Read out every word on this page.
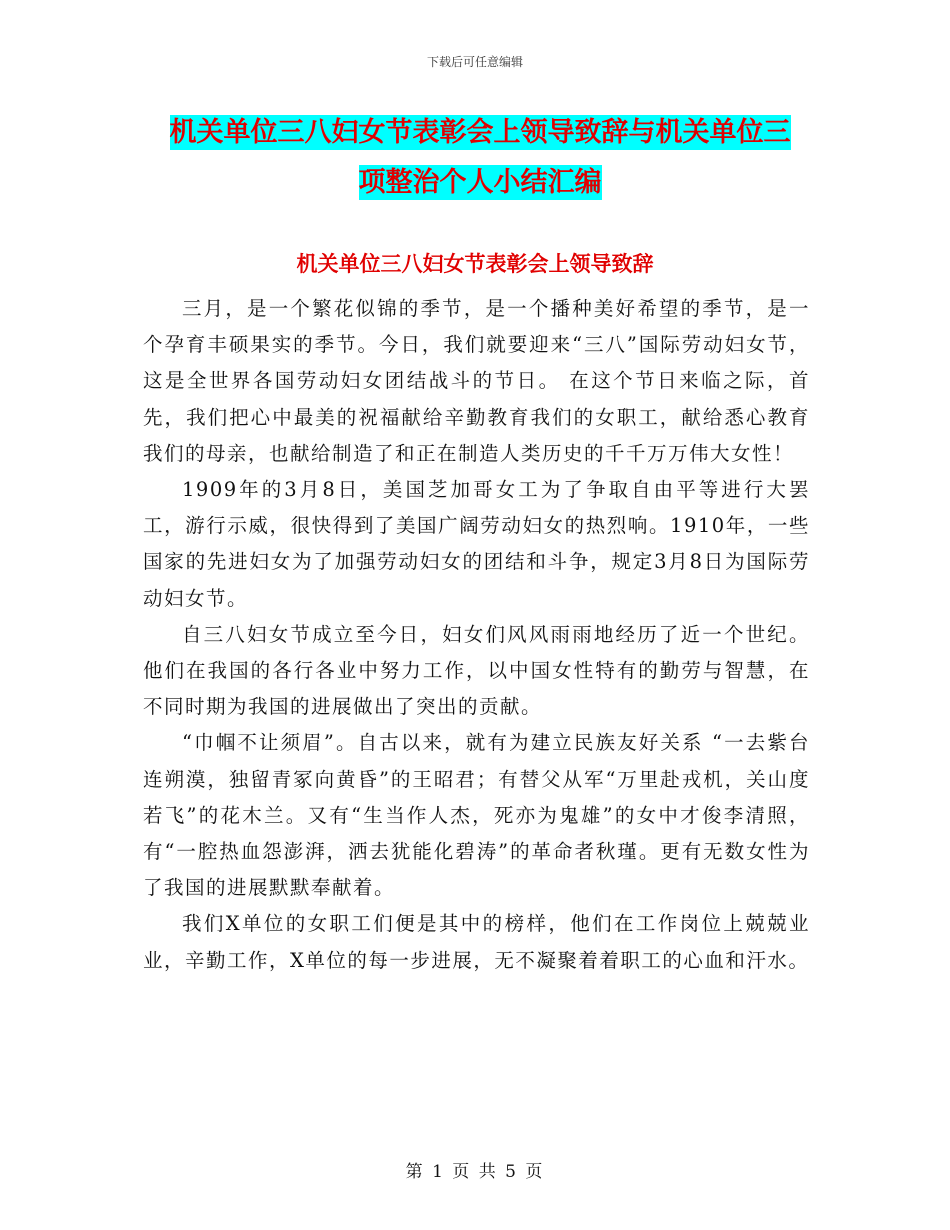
下载后可任意编辑
机关单位三八妇女节表彰会上领导致辞与机关单位三
项整治个人小结汇编
机关单位三八妇女节表彰会上领导致辞

三月，是一个繁花似锦的季节，是一个播种美好希望的季节，是一个孕育丰硕果实的季节。今日，我们就要迎来“三八”国际劳动妇女节，这是全世界各国劳动妇女团结战斗的节日。 在这个节日来临之际，首先，我们把心中最美的祝福献给辛勤教育我们的女职工，献给悉心教育我们的母亲，也献给制造了和正在制造人类历史的千千万万伟大女性！

1909年的3月8日，美国芝加哥女工为了争取自由平等进行大罢工，游行示威，很快得到了美国广阔劳动妇女的热烈响。1910年，一些国家的先进妇女为了加强劳动妇女的团结和斗争，规定3月8日为国际劳动妇女节。

自三八妇女节成立至今日，妇女们风风雨雨地经历了近一个世纪。他们在我国的各行各业中努力工作，以中国女性特有的勤劳与智慧，在不同时期为我国的进展做出了突出的贡献。

“巾帼不让须眉”。自古以来，就有为建立民族友好关系 “一去紫台连朔漠，独留青冢向黄昏”的王昭君；有替父从军“万里赴戎机，关山度若飞”的花木兰。又有“生当作人杰，死亦为鬼雄”的女中才俊李清照，有“一腔热血怨澎湃，洒去犹能化碧涛”的革命者秋瑾。更有无数女性为了我国的进展默默奉献着。

我们X单位的女职工们便是其中的榜样，他们在工作岗位上兢兢业业，辛勤工作，X单位的每一步进展，无不凝聚着着职工的心血和汗水。

第 1 页 共 5 页
